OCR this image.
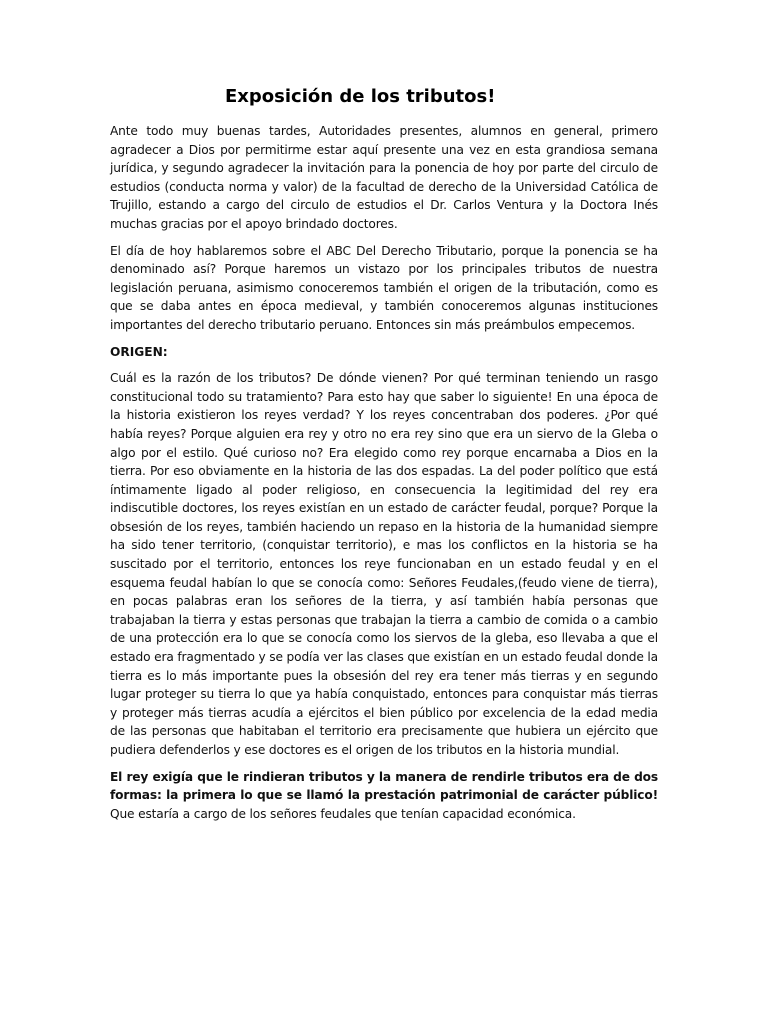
Exposición de los tributos!

Ante todo muy buenas tardes, Autoridades presentes, alumnos en general, primero agradecer a Dios por permitirme estar aquí presente una vez en esta grandiosa semana jurídica, y segundo agradecer la invitación para la ponencia de hoy por parte del circulo de estudios (conducta norma y valor) de la facultad de derecho de la Universidad Católica de Trujillo, estando a cargo del circulo de estudios el Dr. Carlos Ventura y la Doctora Inés muchas gracias por el apoyo brindado doctores.

El día de hoy hablaremos sobre el ABC Del Derecho Tributario, porque la ponencia se ha denominado así? Porque haremos un vistazo por los principales tributos de nuestra legislación peruana, asimismo conoceremos también el origen de la tributación, como es que se daba antes en época medieval, y también conoceremos algunas instituciones importantes del derecho tributario peruano. Entonces sin más preámbulos empecemos.

ORIGEN:

Cuál es la razón de los tributos? De dónde vienen? Por qué terminan teniendo un rasgo constitucional todo su tratamiento? Para esto hay que saber lo siguiente! En una época de la historia existieron los reyes verdad? Y los reyes concentraban dos poderes. ¿Por qué había reyes? Porque alguien era rey y otro no era rey sino que era un siervo de la Gleba o algo por el estilo. Qué curioso no? Era elegido como rey porque encarnaba a Dios en la tierra. Por eso obviamente en la historia de las dos espadas. La del poder político que está íntimamente ligado al poder religioso, en consecuencia la legitimidad del rey era indiscutible doctores, los reyes existían en un estado de carácter feudal, porque? Porque la obsesión de los reyes, también haciendo un repaso en la historia de la humanidad siempre ha sido tener territorio, (conquistar territorio), e mas los conflictos en la historia se ha suscitado por el territorio, entonces los reye funcionaban en un estado feudal y en el esquema feudal habían lo que se conocía como: Señores Feudales,(feudo viene de tierra), en pocas palabras eran los señores de la tierra, y así también había personas que trabajaban la tierra y estas personas que trabajan la tierra a cambio de comida o a cambio de una protección era lo que se conocía como los siervos de la gleba, eso llevaba a que el estado era fragmentado y se podía ver las clases que existían en un estado feudal donde la tierra es lo más importante pues la obsesión del rey era tener más tierras y en segundo lugar proteger su tierra lo que ya había conquistado, entonces para conquistar más tierras y proteger más tierras acudía a ejércitos el bien público por excelencia de la edad media de las personas que habitaban el territorio era precisamente que hubiera un ejército que pudiera defenderlos y ese doctores es el origen de los tributos en la historia mundial.

El rey exigía que le rindieran tributos y la manera de rendirle tributos era de dos formas: la primera lo que se llamó la prestación patrimonial de carácter público! Que estaría a cargo de los señores feudales que tenían capacidad económica.
